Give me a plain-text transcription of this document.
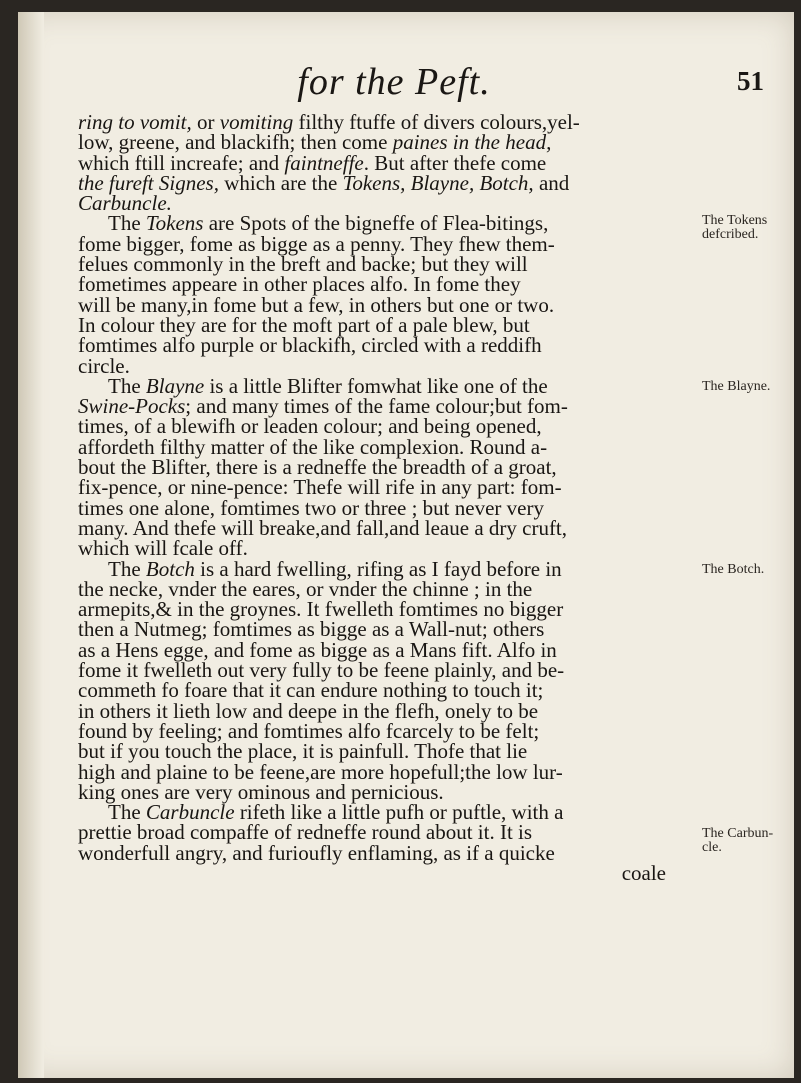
for the Peft.	51
ring to vomit, or vomiting filthy ftuffe of divers colours,yel-
low, greene, and blackifh; then come paines in the head,
which ftill increafe; and faintneffe. But after thefe come
the fureft Signes, which are the Tokens, Blayne, Botch, and
Carbuncle.
The Tokens are Spots of the bigneffe of Flea-bitings,
fome bigger, fome as bigge as a penny. They fhew them-
felues commonly in the breft and backe; but they will
fometimes appeare in other places alfo. In fome they
will be many,in fome but a few, in others but one or two.
In colour they are for the moft part of a pale blew, but
fomtimes alfo purple or blackifh, circled with a reddifh
circle.
The Blayne is a little Blifter fomwhat like one of the
Swine-Pocks; and many times of the fame colour;but fom-
times, of a blewifh or leaden colour; and being opened,
affordeth filthy matter of the like complexion. Round a-
bout the Blifter, there is a redneffe the breadth of a groat,
fix-pence, or nine-pence: Thefe will rife in any part: fom-
times one alone, fomtimes two or three ; but never very
many. And thefe will breake,and fall,and leaue a dry cruft,
which will fcale off.
The Botch is a hard fwelling, rifing as I fayd before in
the necke, vnder the eares, or vnder the chinne ; in the
armepits,& in the groynes. It fwelleth fomtimes no bigger
then a Nutmeg; fomtimes as bigge as a Wall-nut; others
as a Hens egge, and fome as bigge as a Mans fift. Alfo in
fome it fwelleth out very fully to be feene plainly, and be-
commeth fo foare that it can endure nothing to touch it;
in others it lieth low and deepe in the flefh, onely to be
found by feeling; and fomtimes alfo fcarcely to be felt;
but if you touch the place, it is painfull. Thofe that lie
high and plaine to be feene,are more hopefull;the low lur-
king ones are very ominous and pernicious.
The Carbuncle rifeth like a little pufh or puftle, with a
prettie broad compaffe of redneffe round about it. It is
wonderfull angry, and furioufly enflaming, as if a quicke
coale
The Tokens
defcribed.
The Blayne.
The Botch.
The Carbun-
cle.
